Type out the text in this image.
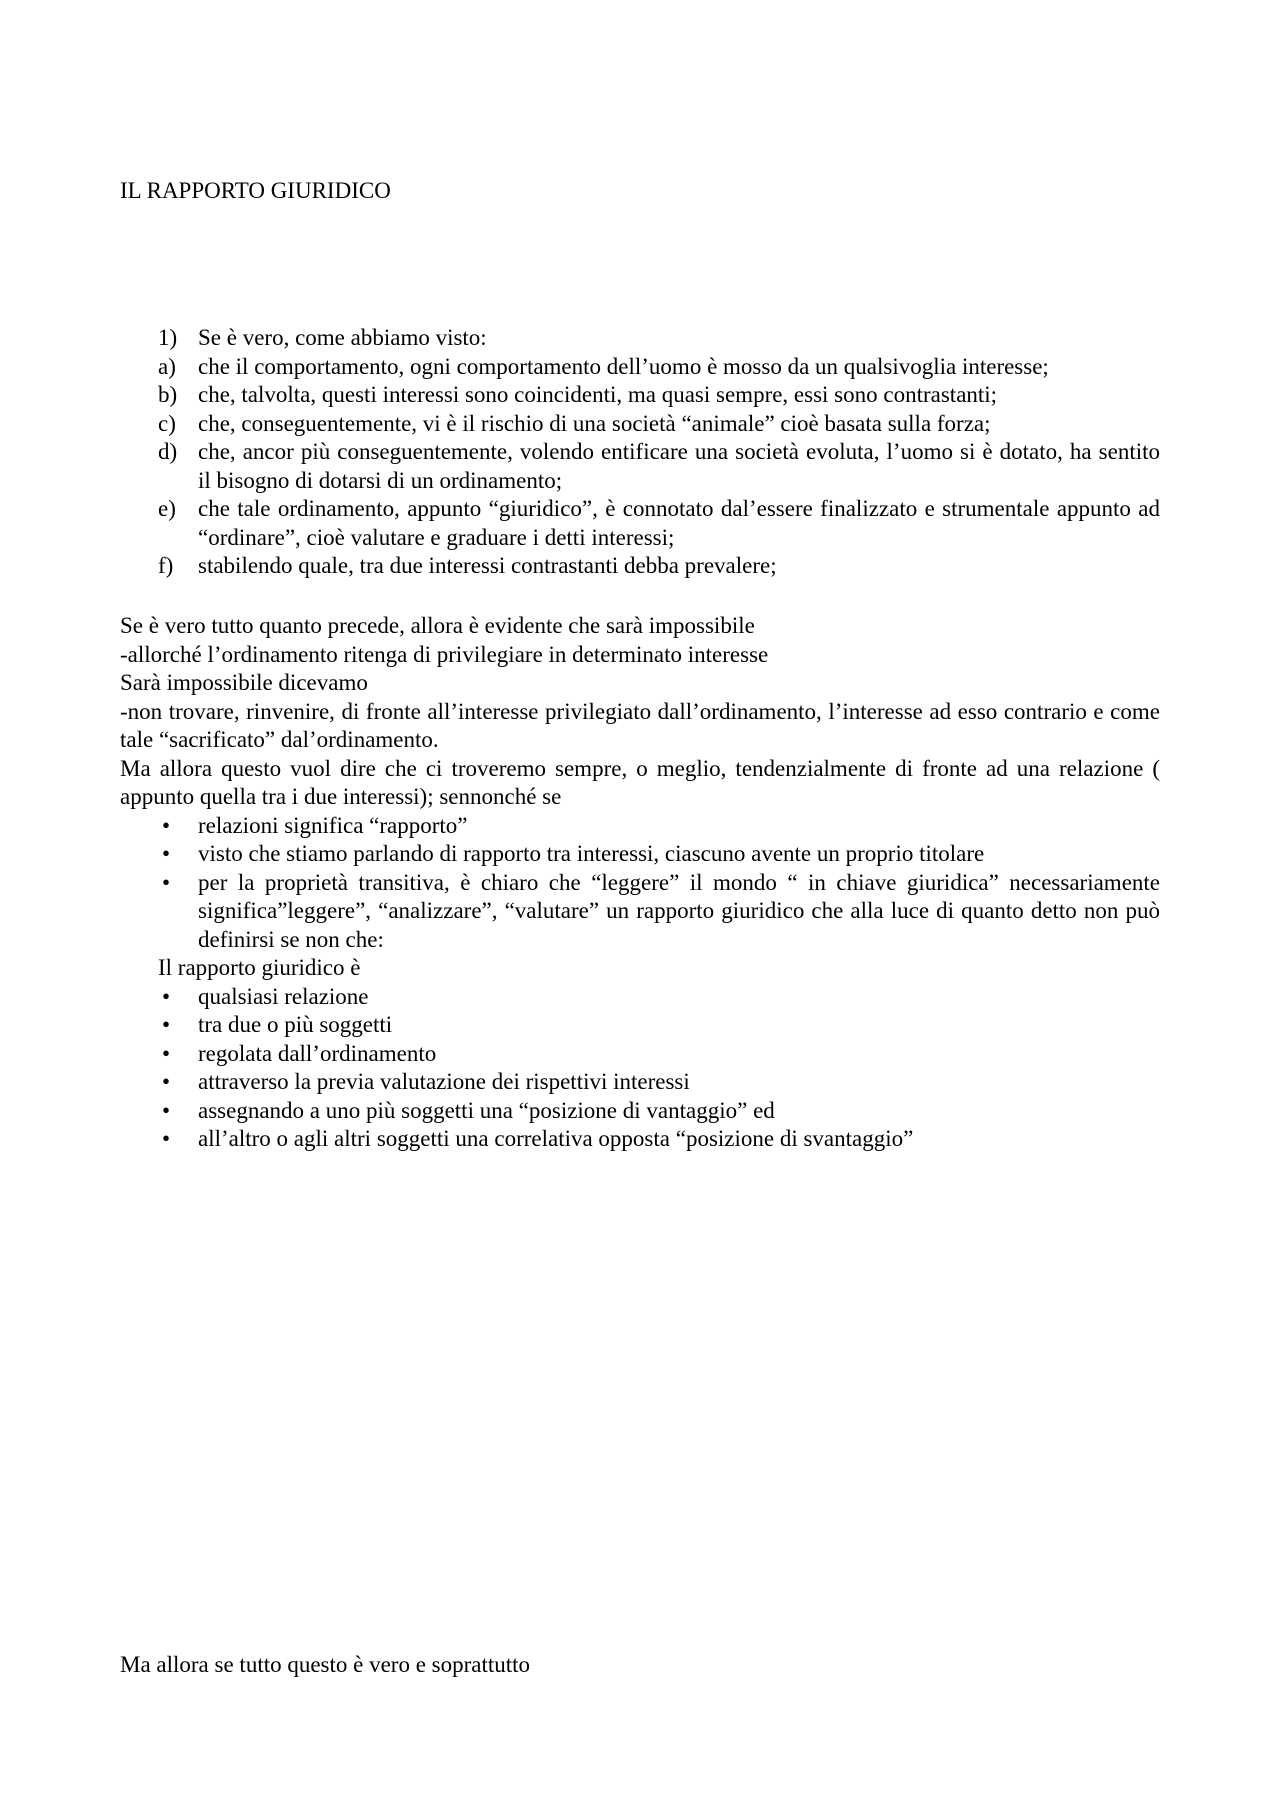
IL RAPPORTO GIURIDICO
1) Se è vero, come abbiamo visto:
a) che il comportamento, ogni comportamento dell’uomo è mosso da un qualsivoglia interesse;
b) che, talvolta, questi interessi sono coincidenti, ma quasi sempre, essi sono contrastanti;
c) che, conseguentemente, vi è il rischio di una società “animale” cioè basata sulla forza;
d) che, ancor più conseguentemente, volendo entificare una società evoluta, l’uomo si è dotato, ha sentito il bisogno di dotarsi di un ordinamento;
e) che tale ordinamento, appunto “giuridico”, è connotato dal’essere finalizzato e strumentale appunto ad “ordinare”, cioè valutare e graduare i detti interessi;
f)	stabilendo quale, tra due interessi contrastanti debba prevalere;

Se è vero tutto quanto precede, allora è evidente che sarà impossibile

-allorché l’ordinamento ritenga di privilegiare in determinato interesse

Sarà impossibile dicevamo

-non trovare, rinvenire, di fronte all’interesse privilegiato dall’ordinamento, l’interesse ad esso contrario e come tale “sacrificato” dal’ordinamento.

Ma allora questo vuol dire che ci troveremo sempre, o meglio, tendenzialmente di fronte ad una relazione ( appunto quella tra i due interessi); sennonché se

•	relazioni significa “rapporto”
•	visto che stiamo parlando di rapporto tra interessi, ciascuno avente un proprio titolare
•	per la proprietà transitiva, è chiaro che “leggere” il mondo “ in chiave giuridica” necessariamente significa”leggere”, “analizzare”, “valutare” un rapporto giuridico che alla luce di quanto detto non può definirsi se non che:

Il rapporto giuridico è

•	qualsiasi relazione
•	tra due o più soggetti
•	regolata dall’ordinamento
•	attraverso la previa valutazione dei rispettivi interessi
•	assegnando a uno più soggetti una “posizione di vantaggio” ed
•	all’altro o agli altri soggetti una correlativa opposta “posizione di svantaggio”

Ma allora se tutto questo è vero e soprattutto
